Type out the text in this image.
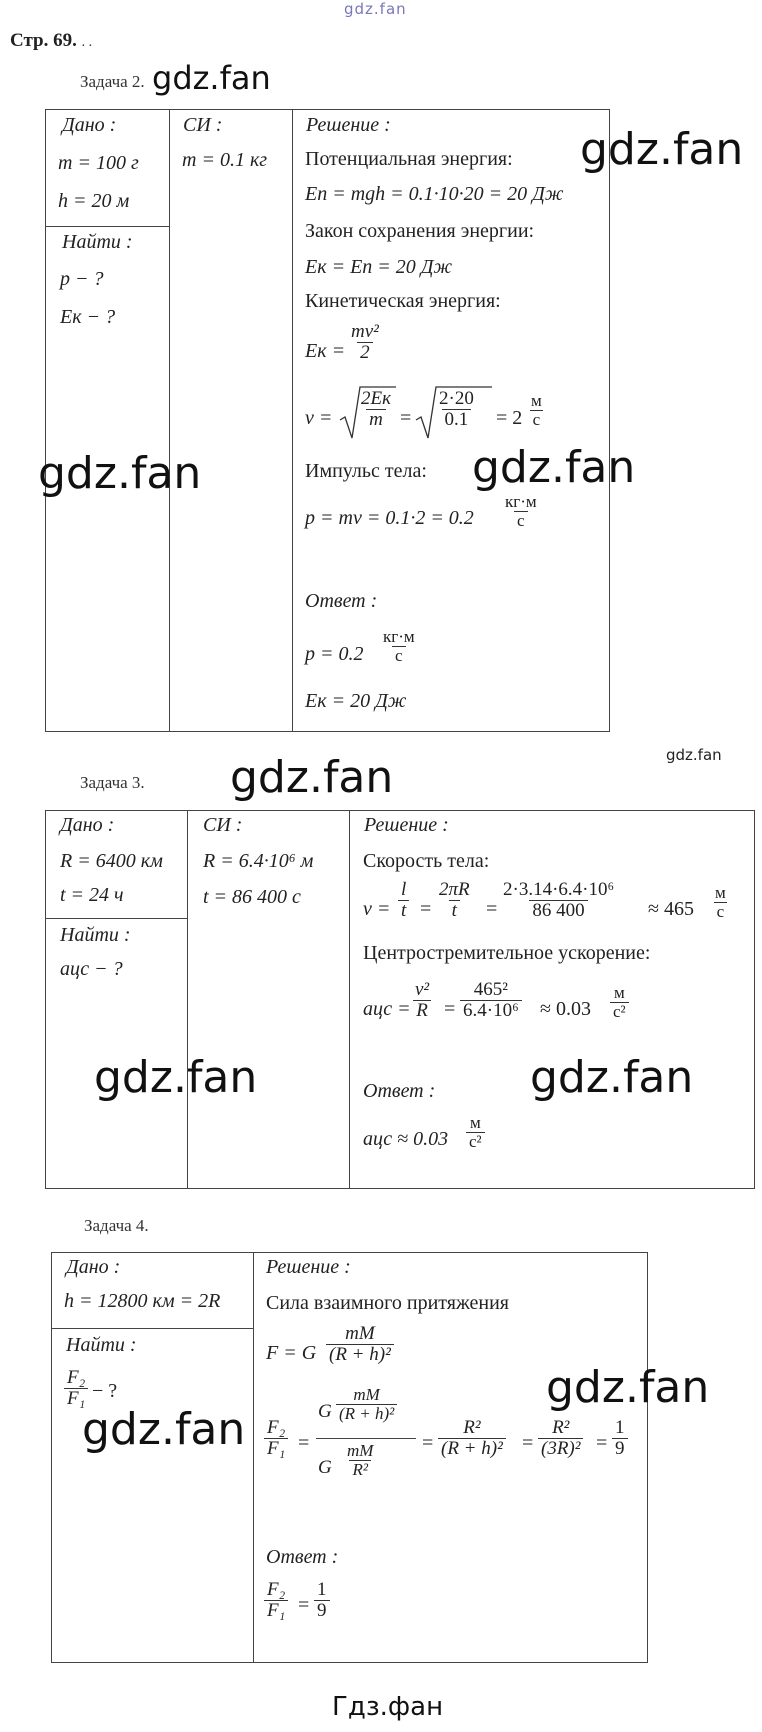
gdz.fan
Стр. 69. . .
Задача 2. gdz.fan
Дано :
m = 100 г
h = 20 м
Найти :
p − ?
Eк − ?
СИ :
m = 0.1 кг
Решение :
Потенциальная энергия:
Eп = mgh = 0.1·10·20 = 20 Дж
Закон сохранения энергии:
Eк = Eп = 20 Дж
Кинетическая энергия:
Eк = $\frac{\text{mv²}}{2}$
v =
2Eк
$m = \frac{2\cdot 20}{0.1} = 2$
м
с
Импульс тела:
p = mv = 0.1·2 = 0.2
кг·м
с
Ответ :
p = 0.2
кг·м
с
Eк = 20 Дж
gdz.fan
gdz.fan	gdz.fan
gdz.fan
Задача 3. gdz.fan
Дано :
R = 6400 км
t = 24 ч
Найти :
aцс − ?
СИ :
R = 6.4·10⁶ м
t = 86 400 с
Решение :
Скорость тела:
$v = \frac{l}{t} = \frac{2\pi R}{t} = \frac{\text{2·3.14·6.4·10⁶}}{86 400} \approx 465$
м
с
Центростремительное ускорение:
aцс = $\frac{\text{v²}}{R} = \frac{\text{465²}}{\text{6.4·10⁶}} \approx 0.03$
м
с²
Ответ :
aцс ≈ 0.03
м
с²
gdz.fan	gdz.fan
Задача 4.
Дано :
h = 12800 км = 2R
Найти :
$\frac{\text{F₂}}{\text{F₁}}$ − ?
Решение :
Сила взаимного притяжения
F = G $\frac{mM}{\text{(R + h)²}}$
$\frac{\text{F₂}}{\text{F₁}}$ =
G $\frac{mM}{\text{(R + h)²}}$
G $\frac{mM}{\text{R²}} = \frac{\text{R²}}{\text{(R + h)²}} = \frac{\text{R²}}{\text{(3R)²}} = \frac{1}{9}$
Ответ :
$\frac{\text{F₂}}{\text{F₁}} = \frac{1}{9}$
gdz.fan
gdz.fan
Гдз.фан
